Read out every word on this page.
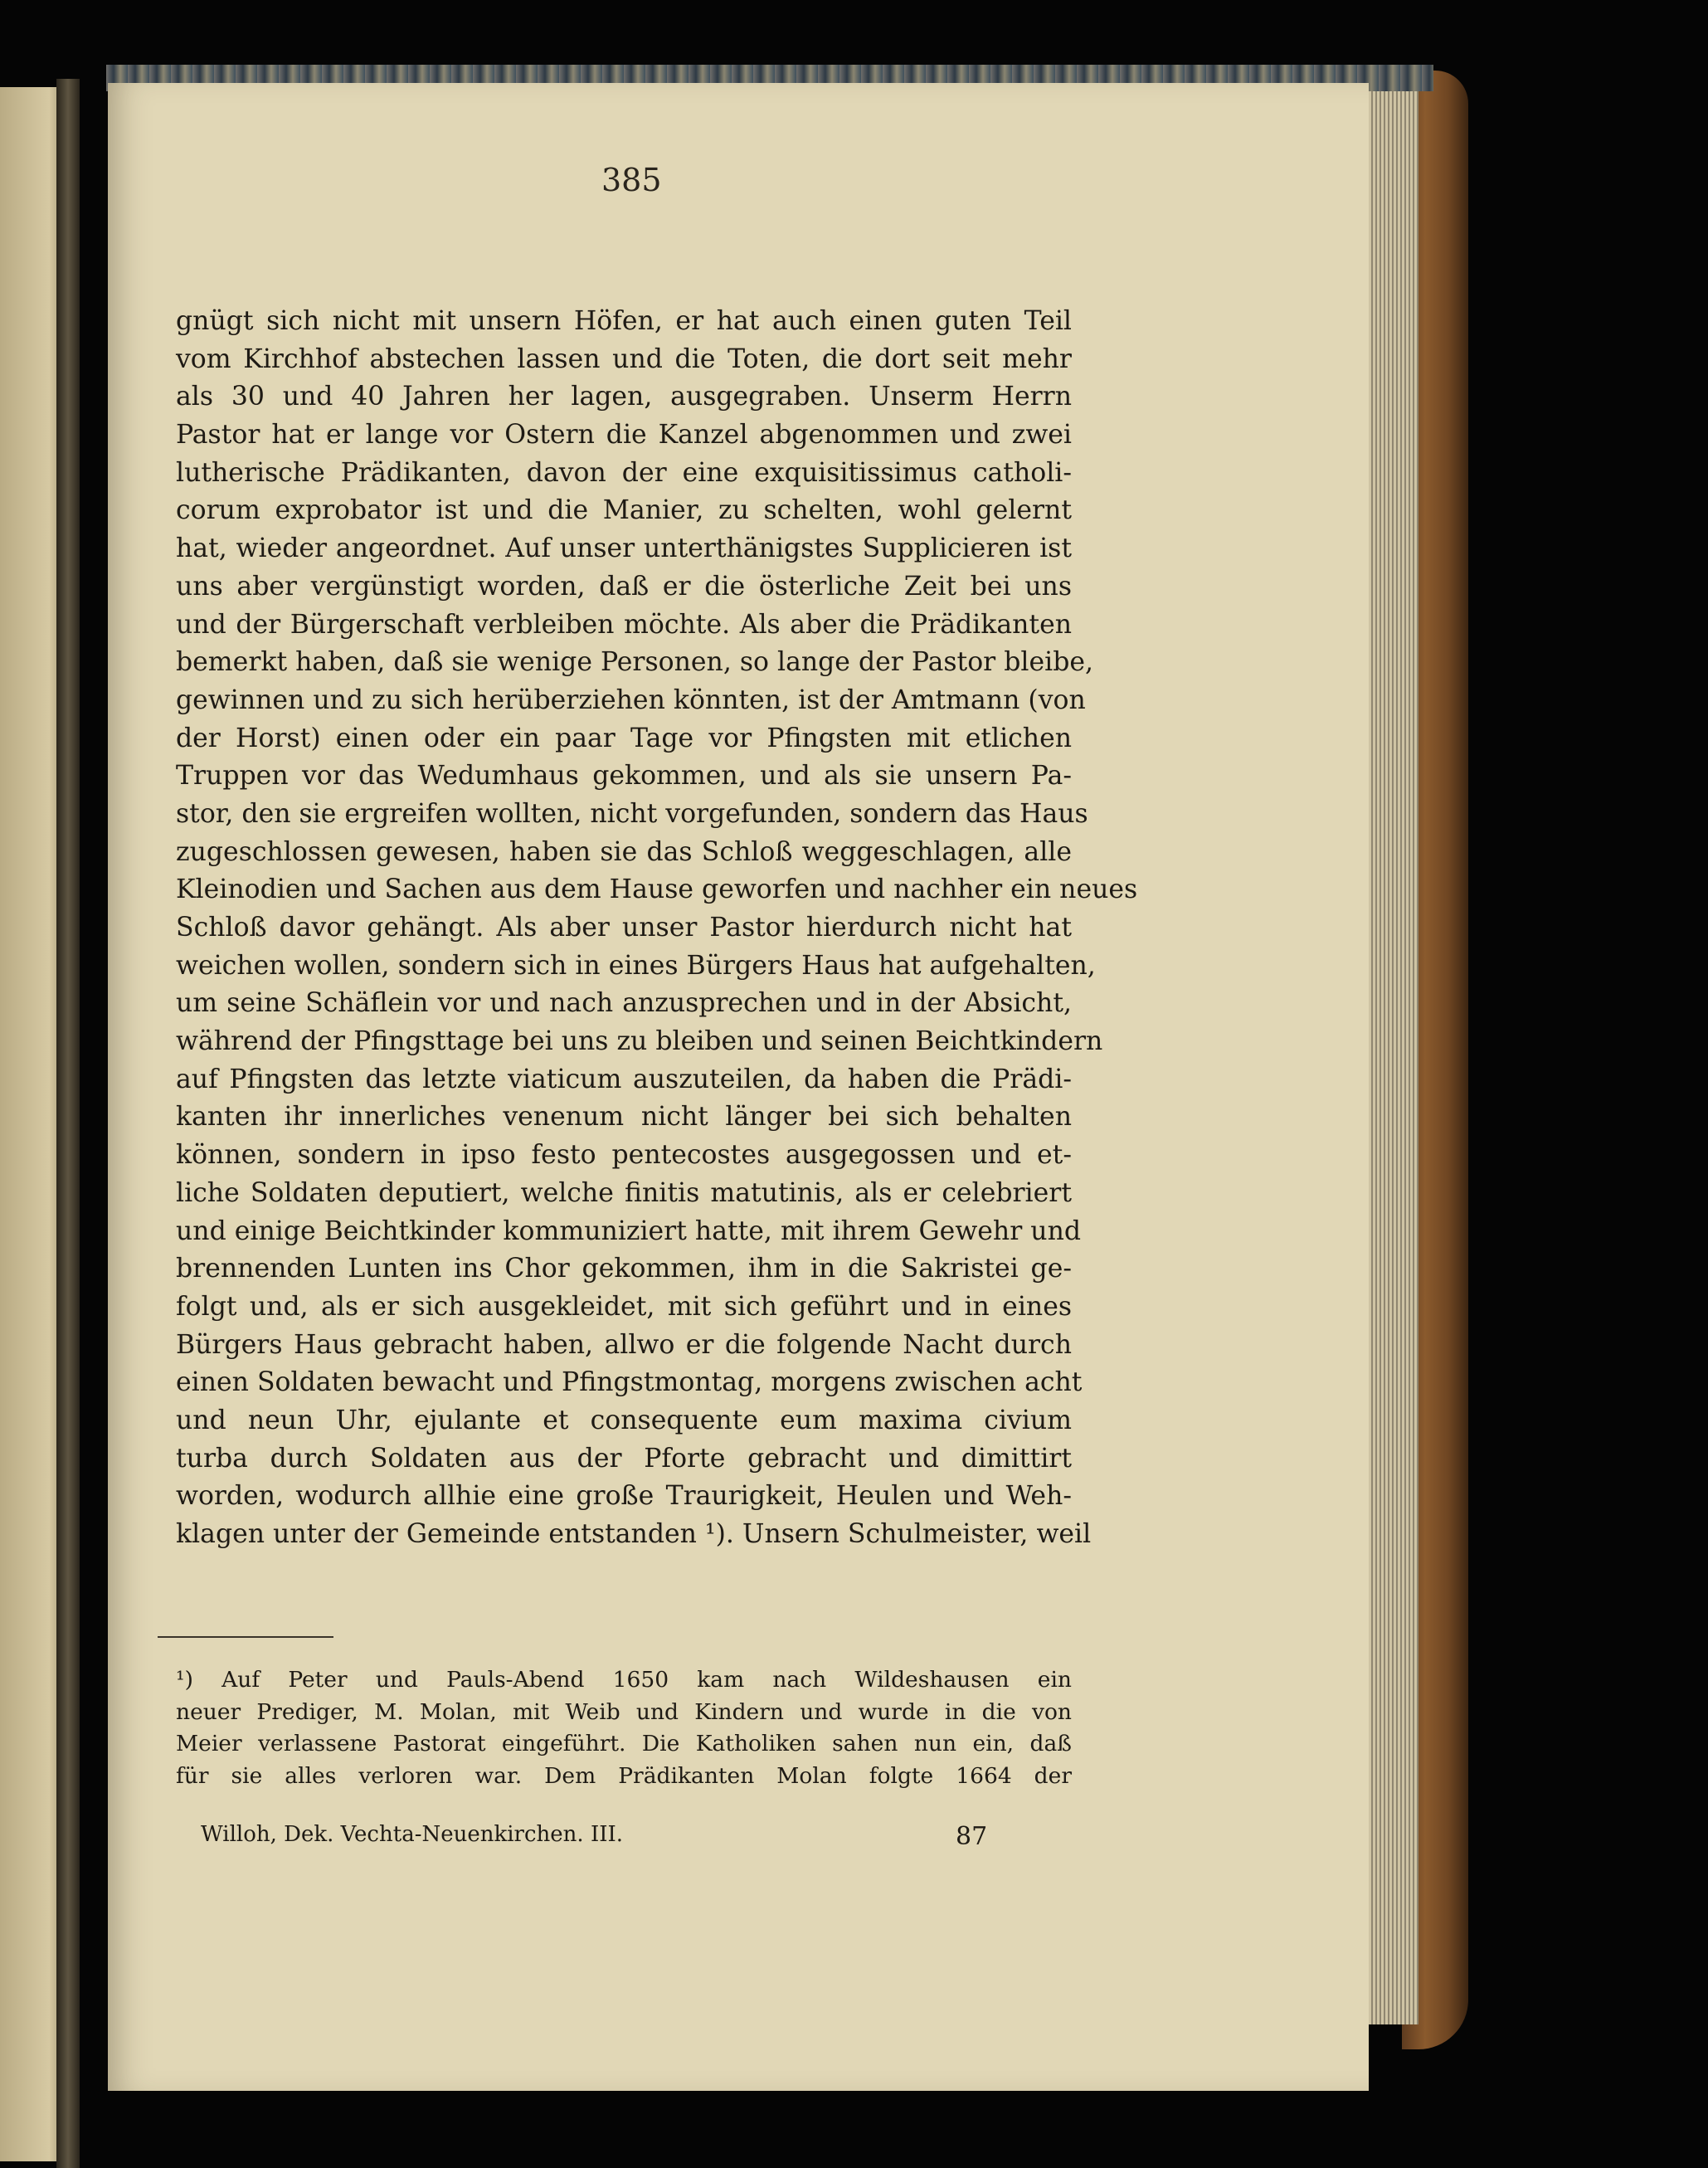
385
gnügt sich nicht mit unsern Höfen, er hat auch einen guten Teil
vom Kirchhof abstechen lassen und die Toten, die dort seit mehr
als 30 und 40 Jahren her lagen, ausgegraben. Unserm Herrn
Pastor hat er lange vor Ostern die Kanzel abgenommen und zwei
lutherische Prädikanten, davon der eine exquisitissimus catholi-
corum exprobator ist und die Manier, zu schelten, wohl gelernt
hat, wieder angeordnet. Auf unser unterthänigstes Supplicieren ist
uns aber vergünstigt worden, daß er die österliche Zeit bei uns
und der Bürgerschaft verbleiben möchte. Als aber die Prädikanten
bemerkt haben, daß sie wenige Personen, so lange der Pastor bleibe,
gewinnen und zu sich herüberziehen könnten, ist der Amtmann (von
der Horst) einen oder ein paar Tage vor Pfingsten mit etlichen
Truppen vor das Wedumhaus gekommen, und als sie unsern Pa-
stor, den sie ergreifen wollten, nicht vorgefunden, sondern das Haus
zugeschlossen gewesen, haben sie das Schloß weggeschlagen, alle
Kleinodien und Sachen aus dem Hause geworfen und nachher ein neues
Schloß davor gehängt. Als aber unser Pastor hierdurch nicht hat
weichen wollen, sondern sich in eines Bürgers Haus hat aufgehalten,
um seine Schäflein vor und nach anzusprechen und in der Absicht,
während der Pfingsttage bei uns zu bleiben und seinen Beichtkindern
auf Pfingsten das letzte viaticum auszuteilen, da haben die Prädi-
kanten ihr innerliches venenum nicht länger bei sich behalten
können, sondern in ipso festo pentecostes ausgegossen und et-
liche Soldaten deputiert, welche finitis matutinis, als er celebriert
und einige Beichtkinder kommuniziert hatte, mit ihrem Gewehr und
brennenden Lunten ins Chor gekommen, ihm in die Sakristei ge-
folgt und, als er sich ausgekleidet, mit sich geführt und in eines
Bürgers Haus gebracht haben, allwo er die folgende Nacht durch
einen Soldaten bewacht und Pfingstmontag, morgens zwischen acht
und neun Uhr, ejulante et consequente eum maxima civium
turba durch Soldaten aus der Pforte gebracht und dimittirt
worden, wodurch allhie eine große Traurigkeit, Heulen und Weh-
klagen unter der Gemeinde entstanden ¹). Unsern Schulmeister, weil
¹) Auf Peter und Pauls-Abend 1650 kam nach Wildeshausen ein
neuer Prediger, M. Molan, mit Weib und Kindern und wurde in die von
Meier verlassene Pastorat eingeführt. Die Katholiken sahen nun ein, daß
für sie alles verloren war. Dem Prädikanten Molan folgte 1664 der
Willoh, Dek. Vechta-Neuenkirchen. III.	87
